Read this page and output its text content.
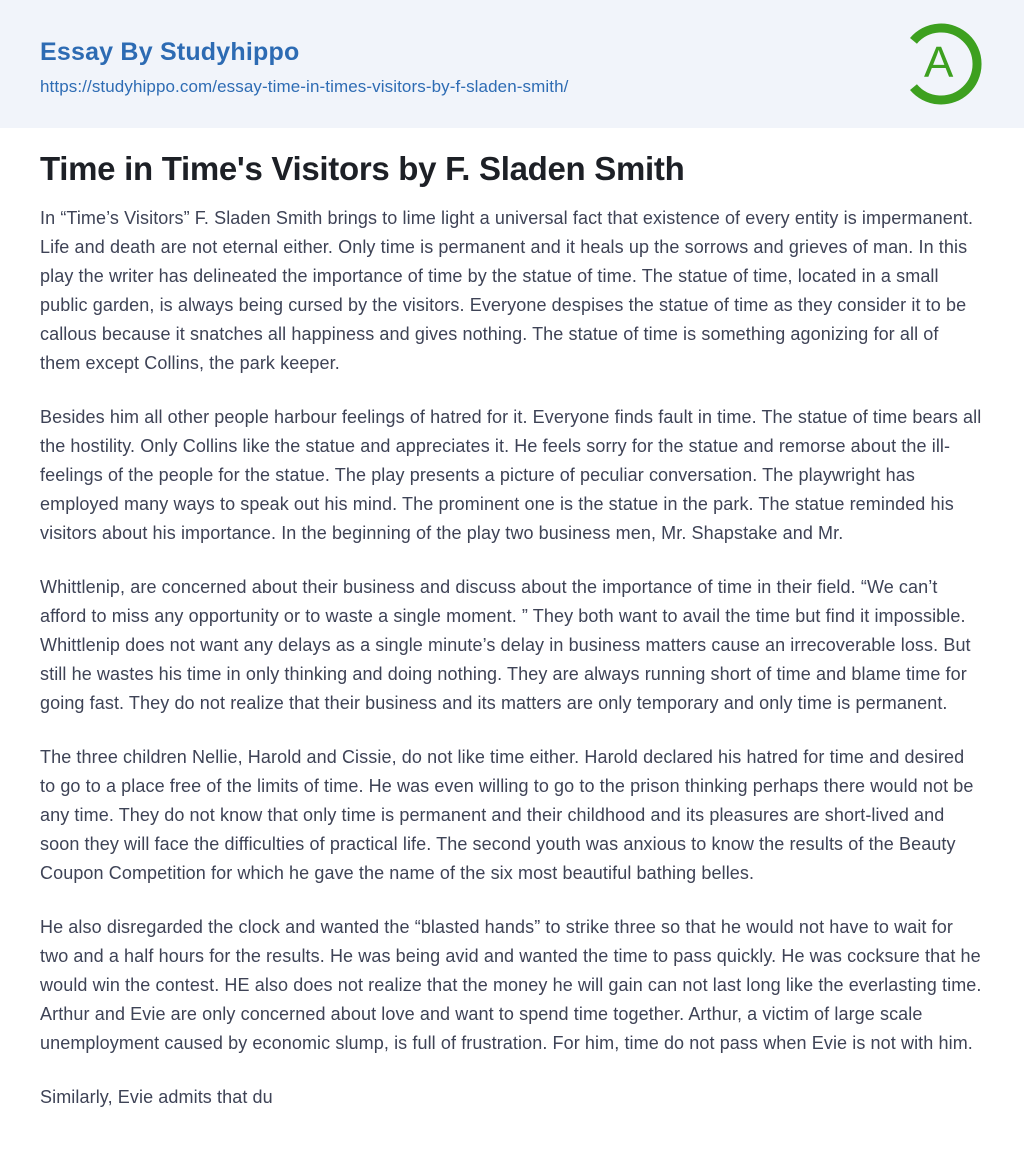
Essay By Studyhippo
https://studyhippo.com/essay-time-in-times-visitors-by-f-sladen-smith/	A
Time in Time's Visitors by F. Sladen Smith

In “Time’s Visitors” F. Sladen Smith brings to lime light a universal fact that existence of every entity is impermanent. Life and death are not eternal either. Only time is permanent and it heals up the sorrows and grieves of man. In this play the writer has delineated the importance of time by the statue of time. The statue of time, located in a small public garden, is always being cursed by the visitors. Everyone despises the statue of time as they consider it to be callous because it snatches all happiness and gives nothing. The statue of time is something agonizing for all of them except Collins, the park keeper.

Besides him all other people harbour feelings of hatred for it. Everyone finds fault in time. The statue of time bears all the hostility. Only Collins like the statue and appreciates it. He feels sorry for the statue and remorse about the ill-feelings of the people for the statue. The play presents a picture of peculiar conversation. The playwright has employed many ways to speak out his mind. The prominent one is the statue in the park. The statue reminded his visitors about his importance. In the beginning of the play two business men, Mr. Shapstake and Mr.

Whittlenip, are concerned about their business and discuss about the importance of time in their field. “We can’t afford to miss any opportunity or to waste a single moment. ” They both want to avail the time but find it impossible. Whittlenip does not want any delays as a single minute’s delay in business matters cause an irrecoverable loss. But still he wastes his time in only thinking and doing nothing. They are always running short of time and blame time for going fast. They do not realize that their business and its matters are only temporary and only time is permanent.

The three children Nellie, Harold and Cissie, do not like time either. Harold declared his hatred for time and desired to go to a place free of the limits of time. He was even willing to go to the prison thinking perhaps there would not be any time. They do not know that only time is permanent and their childhood and its pleasures are short-lived and soon they will face the difficulties of practical life. The second youth was anxious to know the results of the Beauty Coupon Competition for which he gave the name of the six most beautiful bathing belles.

He also disregarded the clock and wanted the “blasted hands” to strike three so that he would not have to wait for two and a half hours for the results. He was being avid and wanted the time to pass quickly. He was cocksure that he would win the contest. HE also does not realize that the money he will gain can not last long like the everlasting time. Arthur and Evie are only concerned about love and want to spend time together. Arthur, a victim of large scale unemployment caused by economic slump, is full of frustration. For him, time do not pass when Evie is not with him.

Similarly, Evie admits that du
